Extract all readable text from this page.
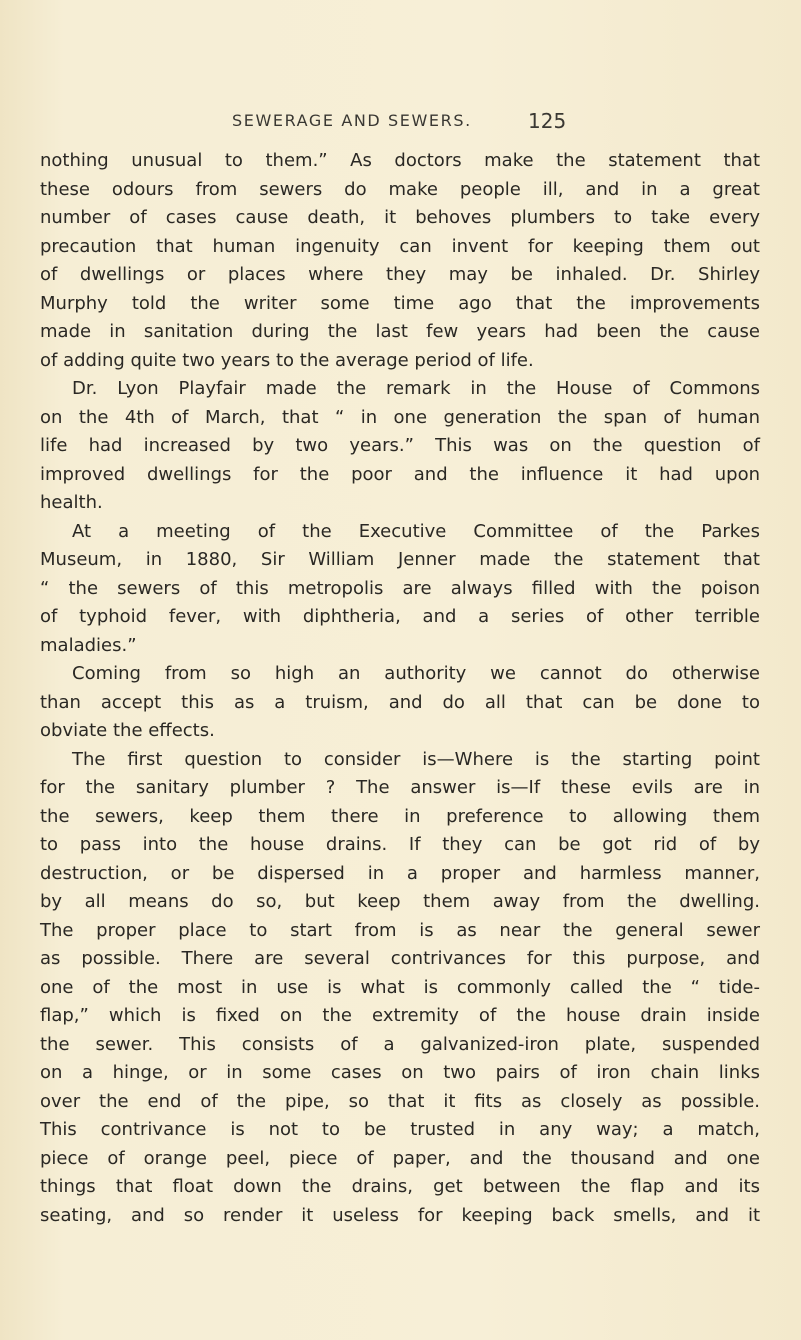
SEWERAGE AND SEWERS.	125
nothing unusual to them.” As doctors make the statement that
these odours from sewers do make people ill, and in a great
number of cases cause death, it behoves plumbers to take every
precaution that human ingenuity can invent for keeping them out
of dwellings or places where they may be inhaled. Dr. Shirley
Murphy told the writer some time ago that the improvements
made in sanitation during the last few years had been the cause
of adding quite two years to the average period of life.
Dr. Lyon Playfair made the remark in the House of Commons
on the 4th of March, that “ in one generation the span of human
life had increased by two years.” This was on the question of
improved dwellings for the poor and the influence it had upon
health.
At a meeting of the Executive Committee of the Parkes
Museum, in 1880, Sir William Jenner made the statement that
“ the sewers of this metropolis are always filled with the poison
of typhoid fever, with diphtheria, and a series of other terrible
maladies.”
Coming from so high an authority we cannot do otherwise
than accept this as a truism, and do all that can be done to
obviate the effects.
The first question to consider is—Where is the starting point
for the sanitary plumber ? The answer is—If these evils are in
the sewers, keep them there in preference to allowing them
to pass into the house drains. If they can be got rid of by
destruction, or be dispersed in a proper and harmless manner,
by all means do so, but keep them away from the dwelling.
The proper place to start from is as near the general sewer
as possible. There are several contrivances for this purpose, and
one of the most in use is what is commonly called the “ tide-
flap,” which is fixed on the extremity of the house drain inside
the sewer. This consists of a galvanized-iron plate, suspended
on a hinge, or in some cases on two pairs of iron chain links
over the end of the pipe, so that it fits as closely as possible.
This contrivance is not to be trusted in any way; a match,
piece of orange peel, piece of paper, and the thousand and one
things that float down the drains, get between the flap and its
seating, and so render it useless for keeping back smells, and it
